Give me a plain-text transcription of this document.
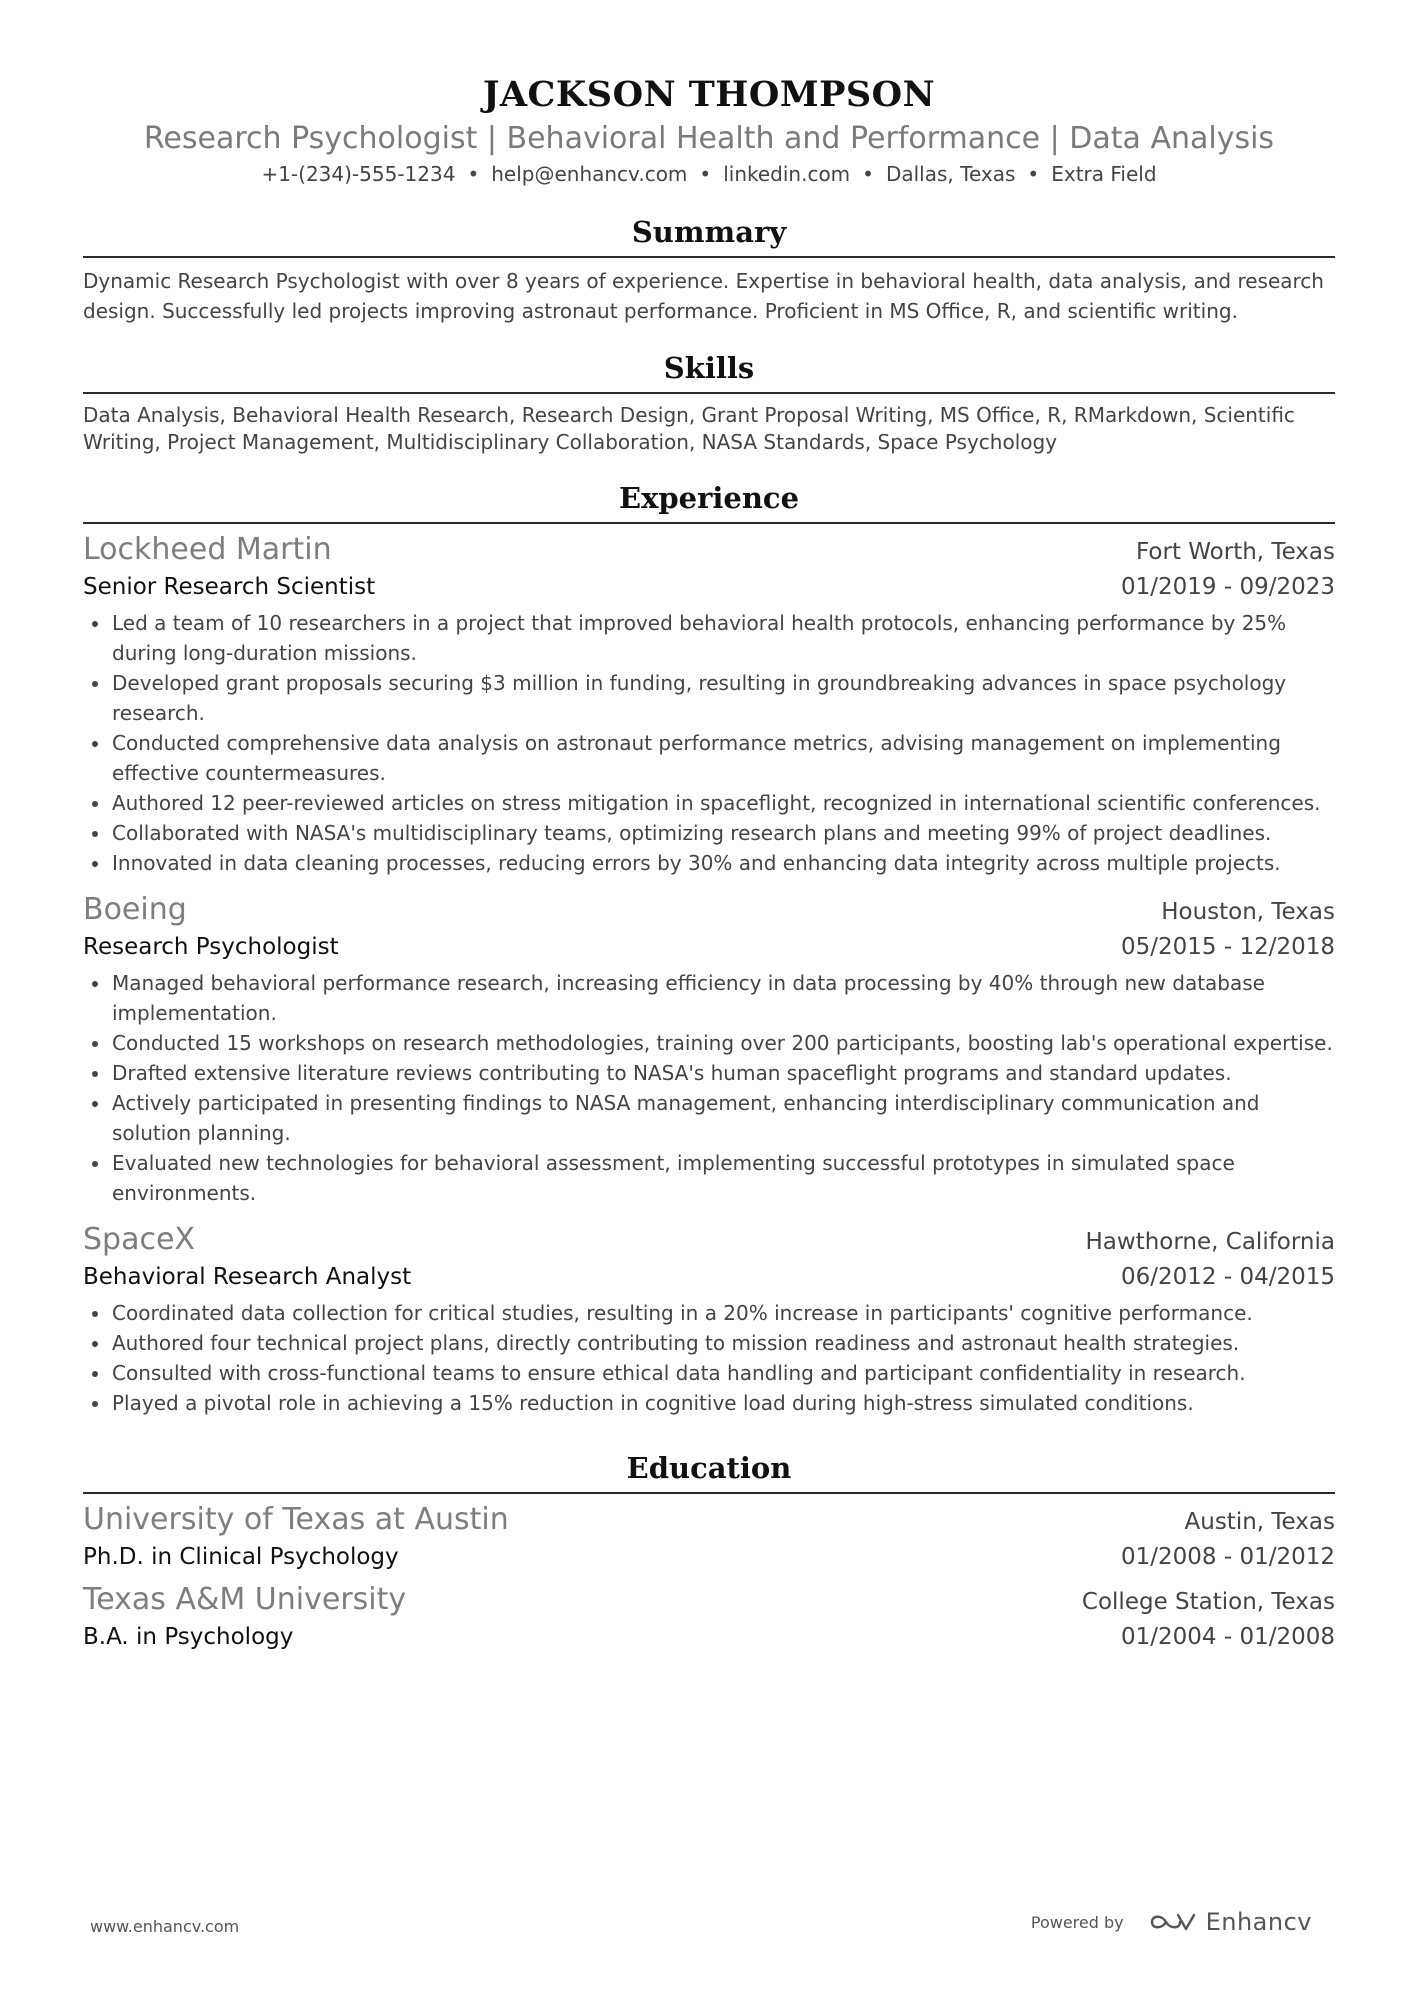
JACKSON THOMPSON
Research Psychologist | Behavioral Health and Performance | Data Analysis
+1-(234)-555-1234 • help@enhancv.com • linkedin.com • Dallas, Texas • Extra Field
Summary
Dynamic Research Psychologist with over 8 years of experience. Expertise in behavioral health, data analysis, and research design. Successfully led projects improving astronaut performance. Proficient in MS Office, R, and scientific writing.
Skills
Data Analysis, Behavioral Health Research, Research Design, Grant Proposal Writing, MS Office, R, RMarkdown, Scientific Writing, Project Management, Multidisciplinary Collaboration, NASA Standards, Space Psychology
Experience
Lockheed Martin	Fort Worth, Texas
Senior Research Scientist	01/2019 - 09/2023
Led a team of 10 researchers in a project that improved behavioral health protocols, enhancing performance by 25% during long-duration missions.
Developed grant proposals securing $3 million in funding, resulting in groundbreaking advances in space psychology research.
Conducted comprehensive data analysis on astronaut performance metrics, advising management on implementing effective countermeasures.
Authored 12 peer-reviewed articles on stress mitigation in spaceflight, recognized in international scientific conferences.
Collaborated with NASA's multidisciplinary teams, optimizing research plans and meeting 99% of project deadlines.
Innovated in data cleaning processes, reducing errors by 30% and enhancing data integrity across multiple projects.
Boeing	Houston, Texas
Research Psychologist	05/2015 - 12/2018
Managed behavioral performance research, increasing efficiency in data processing by 40% through new database implementation.
Conducted 15 workshops on research methodologies, training over 200 participants, boosting lab's operational expertise.
Drafted extensive literature reviews contributing to NASA's human spaceflight programs and standard updates.
Actively participated in presenting findings to NASA management, enhancing interdisciplinary communication and solution planning.
Evaluated new technologies for behavioral assessment, implementing successful prototypes in simulated space environments.
SpaceX	Hawthorne, California
Behavioral Research Analyst	06/2012 - 04/2015
Coordinated data collection for critical studies, resulting in a 20% increase in participants' cognitive performance.
Authored four technical project plans, directly contributing to mission readiness and astronaut health strategies.
Consulted with cross-functional teams to ensure ethical data handling and participant confidentiality in research.
Played a pivotal role in achieving a 15% reduction in cognitive load during high-stress simulated conditions.
Education
University of Texas at Austin	Austin, Texas
Ph.D. in Clinical Psychology	01/2008 - 01/2012
Texas A&M University	College Station, Texas
B.A. in Psychology	01/2004 - 01/2008
www.enhancv.com	Powered by	Enhancv
